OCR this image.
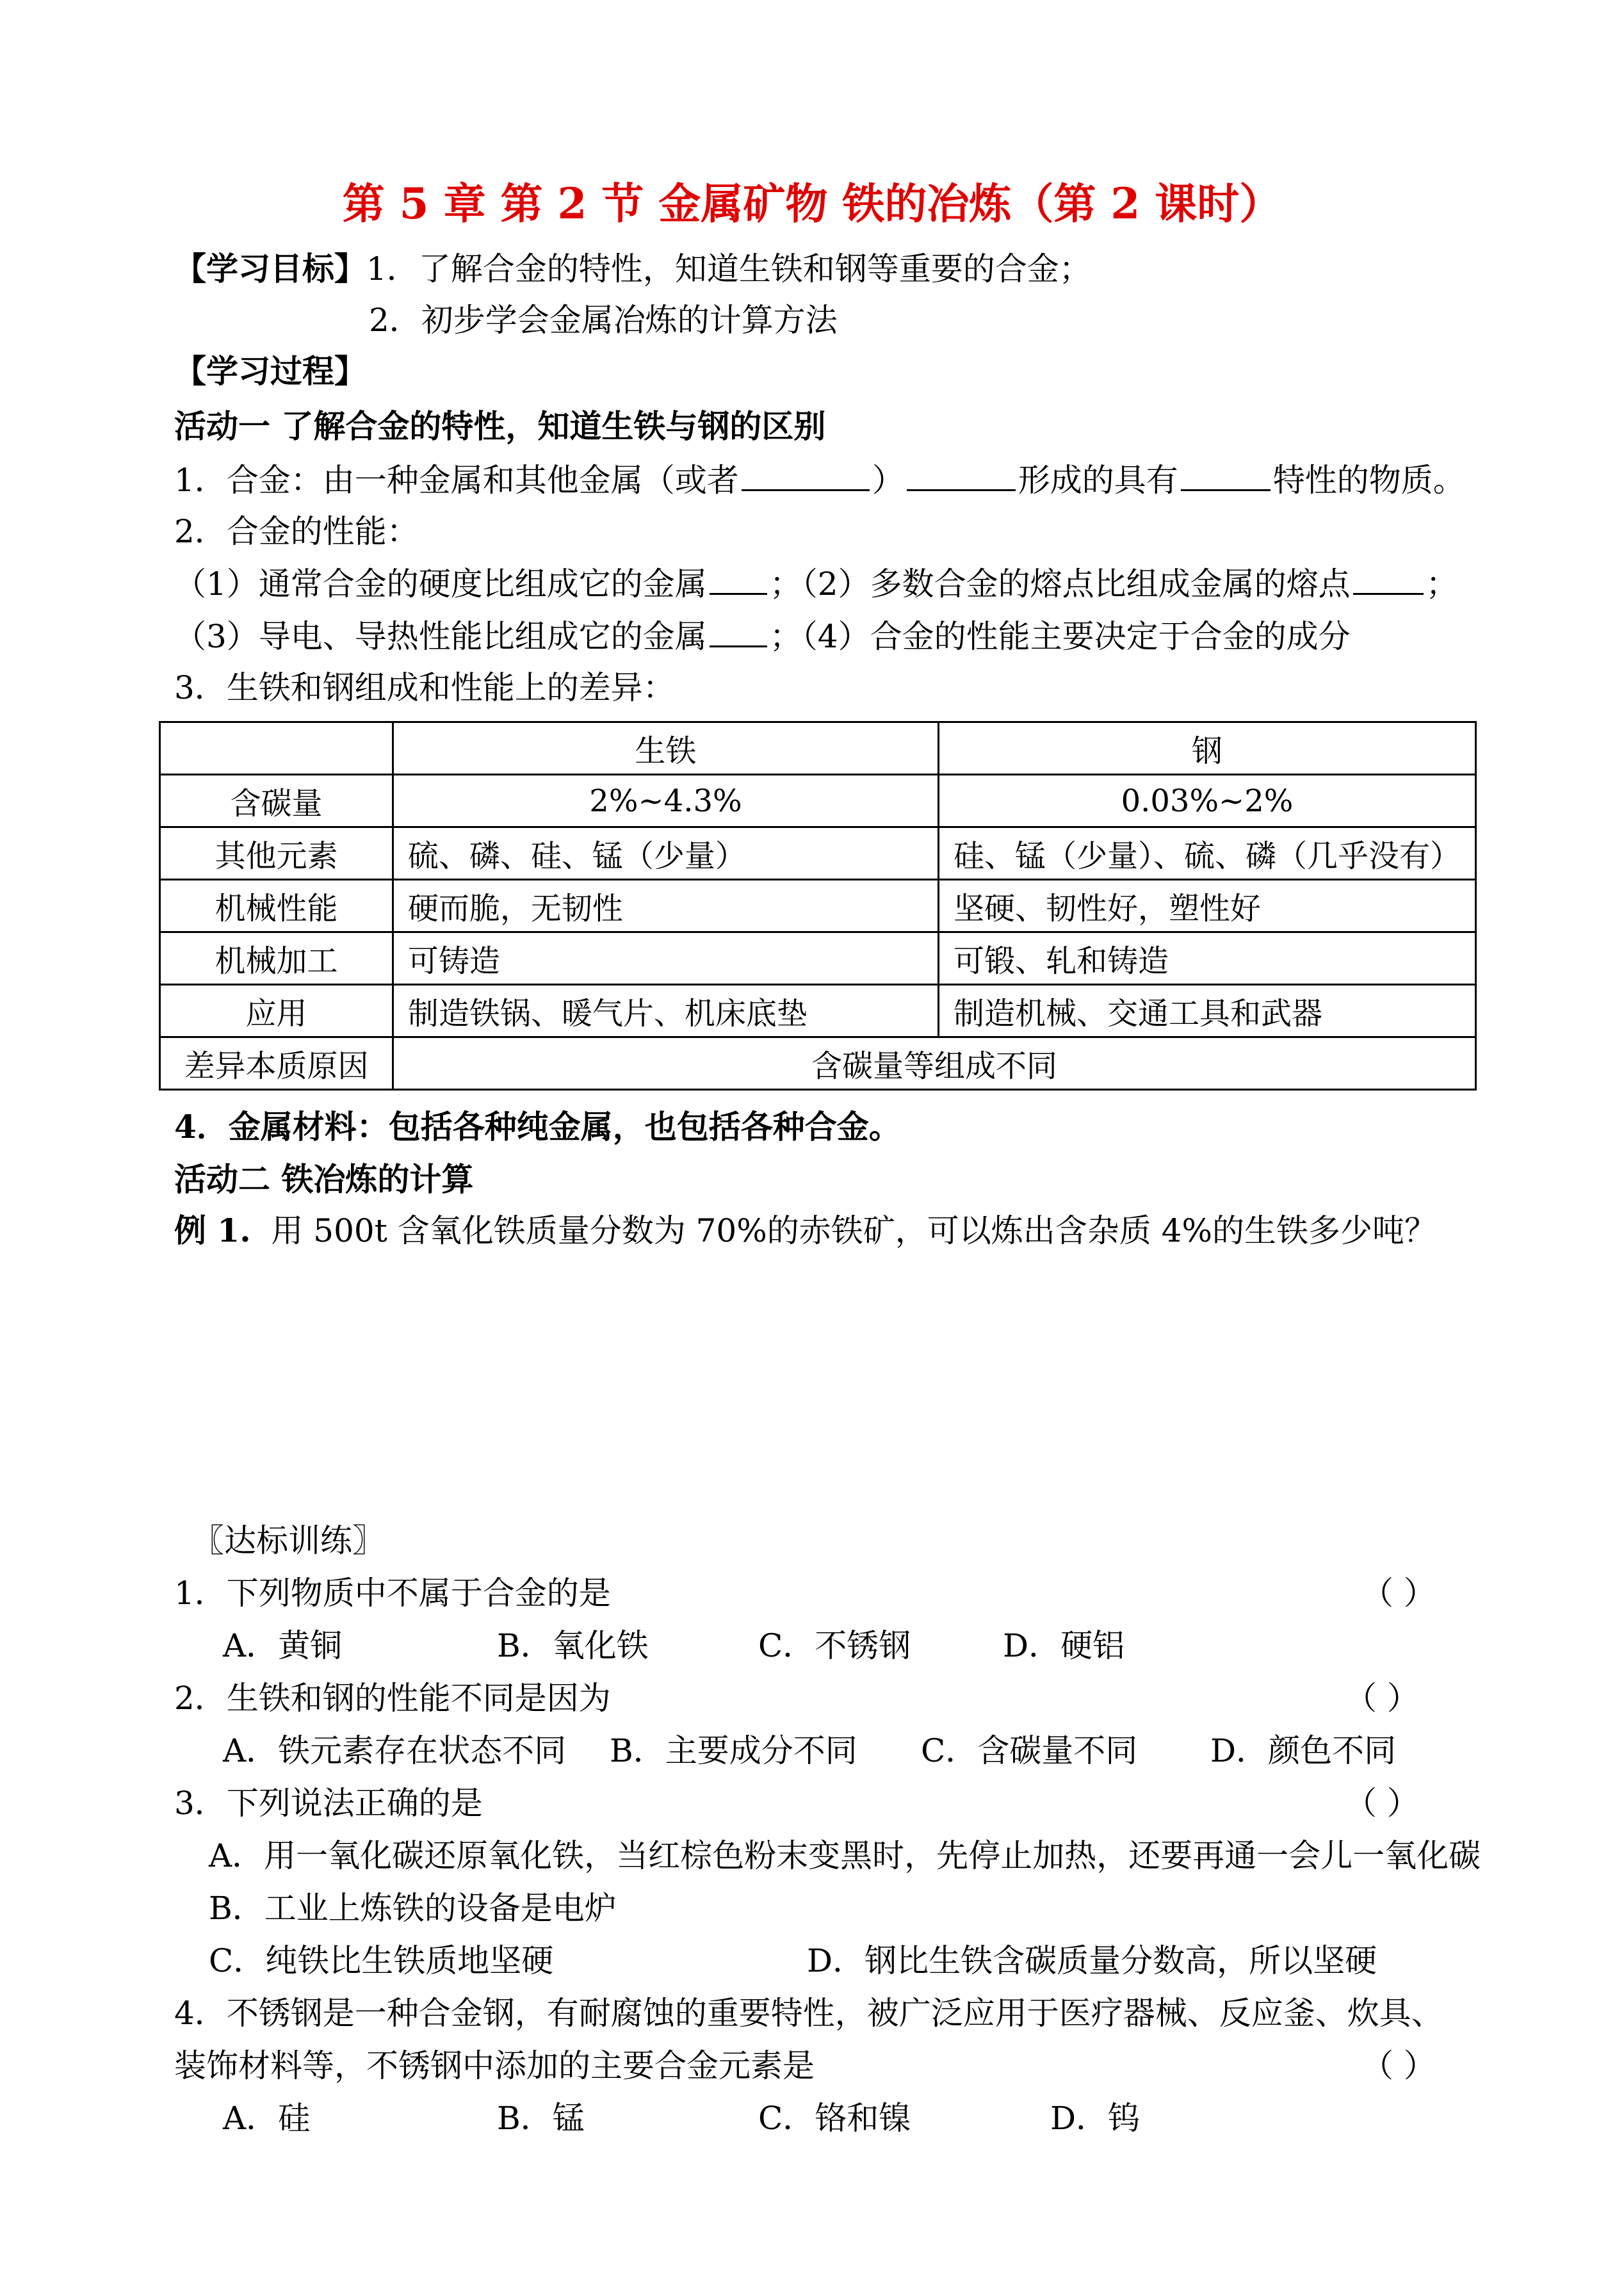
第 5 章 第 2 节 金属矿物 铁的冶炼（第 2 课时）
【学习目标】1．了解合金的特性，知道生铁和钢等重要的合金；
2．初步学会金属冶炼的计算方法
【学习过程】
活动一 了解合金的特性，知道生铁与钢的区别
1．合金：由一种金属和其他金属（或者	）	形成的具有	特性的物质。
2．合金的性能：
（1）通常合金的硬度比组成它的金属 ；（2）多数合金的熔点比组成金属的熔点 ；
（3）导电、导热性能比组成它的金属 ；（4）合金的性能主要决定于合金的成分
3．生铁和钢组成和性能上的差异：
	生铁	钢
含碳量	2%~4.3%	0.03%~2%
其他元素	硫、磷、硅、锰（少量）	硅、锰（少量）、硫、磷（几乎没有）
机械性能	硬而脆，无韧性	坚硬、韧性好，塑性好
机械加工	可铸造	可锻、轧和铸造
应用	制造铁锅、暖气片、机床底垫	制造机械、交通工具和武器
差异本质原因	含碳量等组成不同	
4．金属材料：包括各种纯金属，也包括各种合金。
活动二 铁冶炼的计算
例 1. 用 500t 含氧化铁质量分数为 70%的赤铁矿，可以炼出含杂质 4%的生铁多少吨？
〖达标训练〗
1．下列物质中不属于合金的是	（ ）
A．黄铜	B．氧化铁	C．不锈钢	D．硬铝
2．生铁和钢的性能不同是因为	（ ）
A．铁元素存在状态不同 B．主要成分不同 C．含碳量不同 D．颜色不同
3．下列说法正确的是	（ ）
A．用一氧化碳还原氧化铁，当红棕色粉末变黑时，先停止加热，还要再通一会儿一氧化碳
B．工业上炼铁的设备是电炉
C．纯铁比生铁质地坚硬	D．钢比生铁含碳质量分数高，所以坚硬
4．不锈钢是一种合金钢，有耐腐蚀的重要特性，被广泛应用于医疗器械、反应釜、炊具、
装饰材料等，不锈钢中添加的主要合金元素是	（ ）
A．硅	B．锰	C．铬和镍	D．钨
